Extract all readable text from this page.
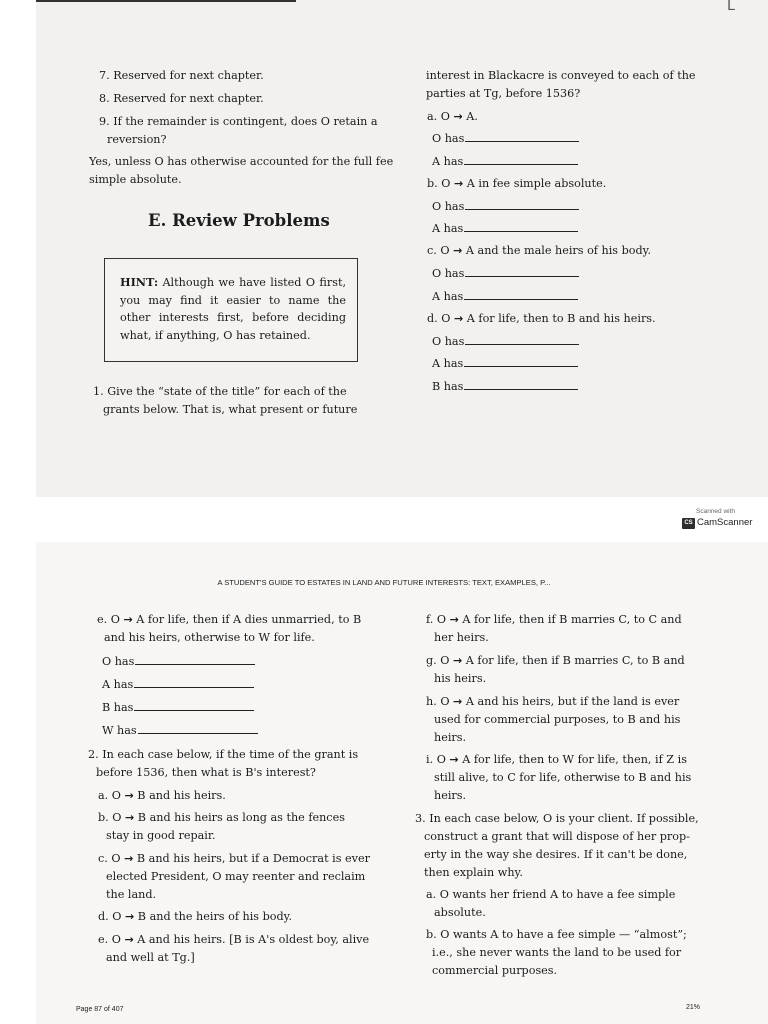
L
7. Reserved for next chapter.
8. Reserved for next chapter.
9. If the remainder is contingent, does O retain a
reversion?
Yes, unless O has otherwise accounted for the full fee
simple absolute.
E. Review Problems
HINT: Although we have listed O first, you may find it easier to name the other interests first, before deciding what, if anything, O has retained.
1. Give the “state of the title” for each of the
grants below. That is, what present or future
interest in Blackacre is conveyed to each of the
parties at Tg, before 1536?
a. O → A.
O has
A has
b. O → A in fee simple absolute.
O has
A has
c. O → A and the male heirs of his body.
O has
A has
d. O → A for life, then to B and his heirs.
O has
A has
B has
Scanned with
CS CamScanner
A STUDENT'S GUIDE TO ESTATES IN LAND AND FUTURE INTERESTS: TEXT, EXAMPLES, P...
e. O → A for life, then if A dies unmarried, to B
and his heirs, otherwise to W for life.
O has
A has
B has
W has
2. In each case below, if the time of the grant is
before 1536, then what is B's interest?
a. O → B and his heirs.
b. O → B and his heirs as long as the fences
stay in good repair.
c. O → B and his heirs, but if a Democrat is ever
elected President, O may reenter and reclaim
the land.
d. O → B and the heirs of his body.
e. O → A and his heirs. [B is A's oldest boy, alive
and well at Tg.]
f. O → A for life, then if B marries C, to C and
her heirs.
g. O → A for life, then if B marries C, to B and
his heirs.
h. O → A and his heirs, but if the land is ever
used for commercial purposes, to B and his
heirs.
i. O → A for life, then to W for life, then, if Z is
still alive, to C for life, otherwise to B and his
heirs.
3. In each case below, O is your client. If possible,
construct a grant that will dispose of her prop-
erty in the way she desires. If it can't be done,
then explain why.
a. O wants her friend A to have a fee simple
absolute.
b. O wants A to have a fee simple — “almost”;
i.e., she never wants the land to be used for
commercial purposes.
Page 87 of 407	21%
